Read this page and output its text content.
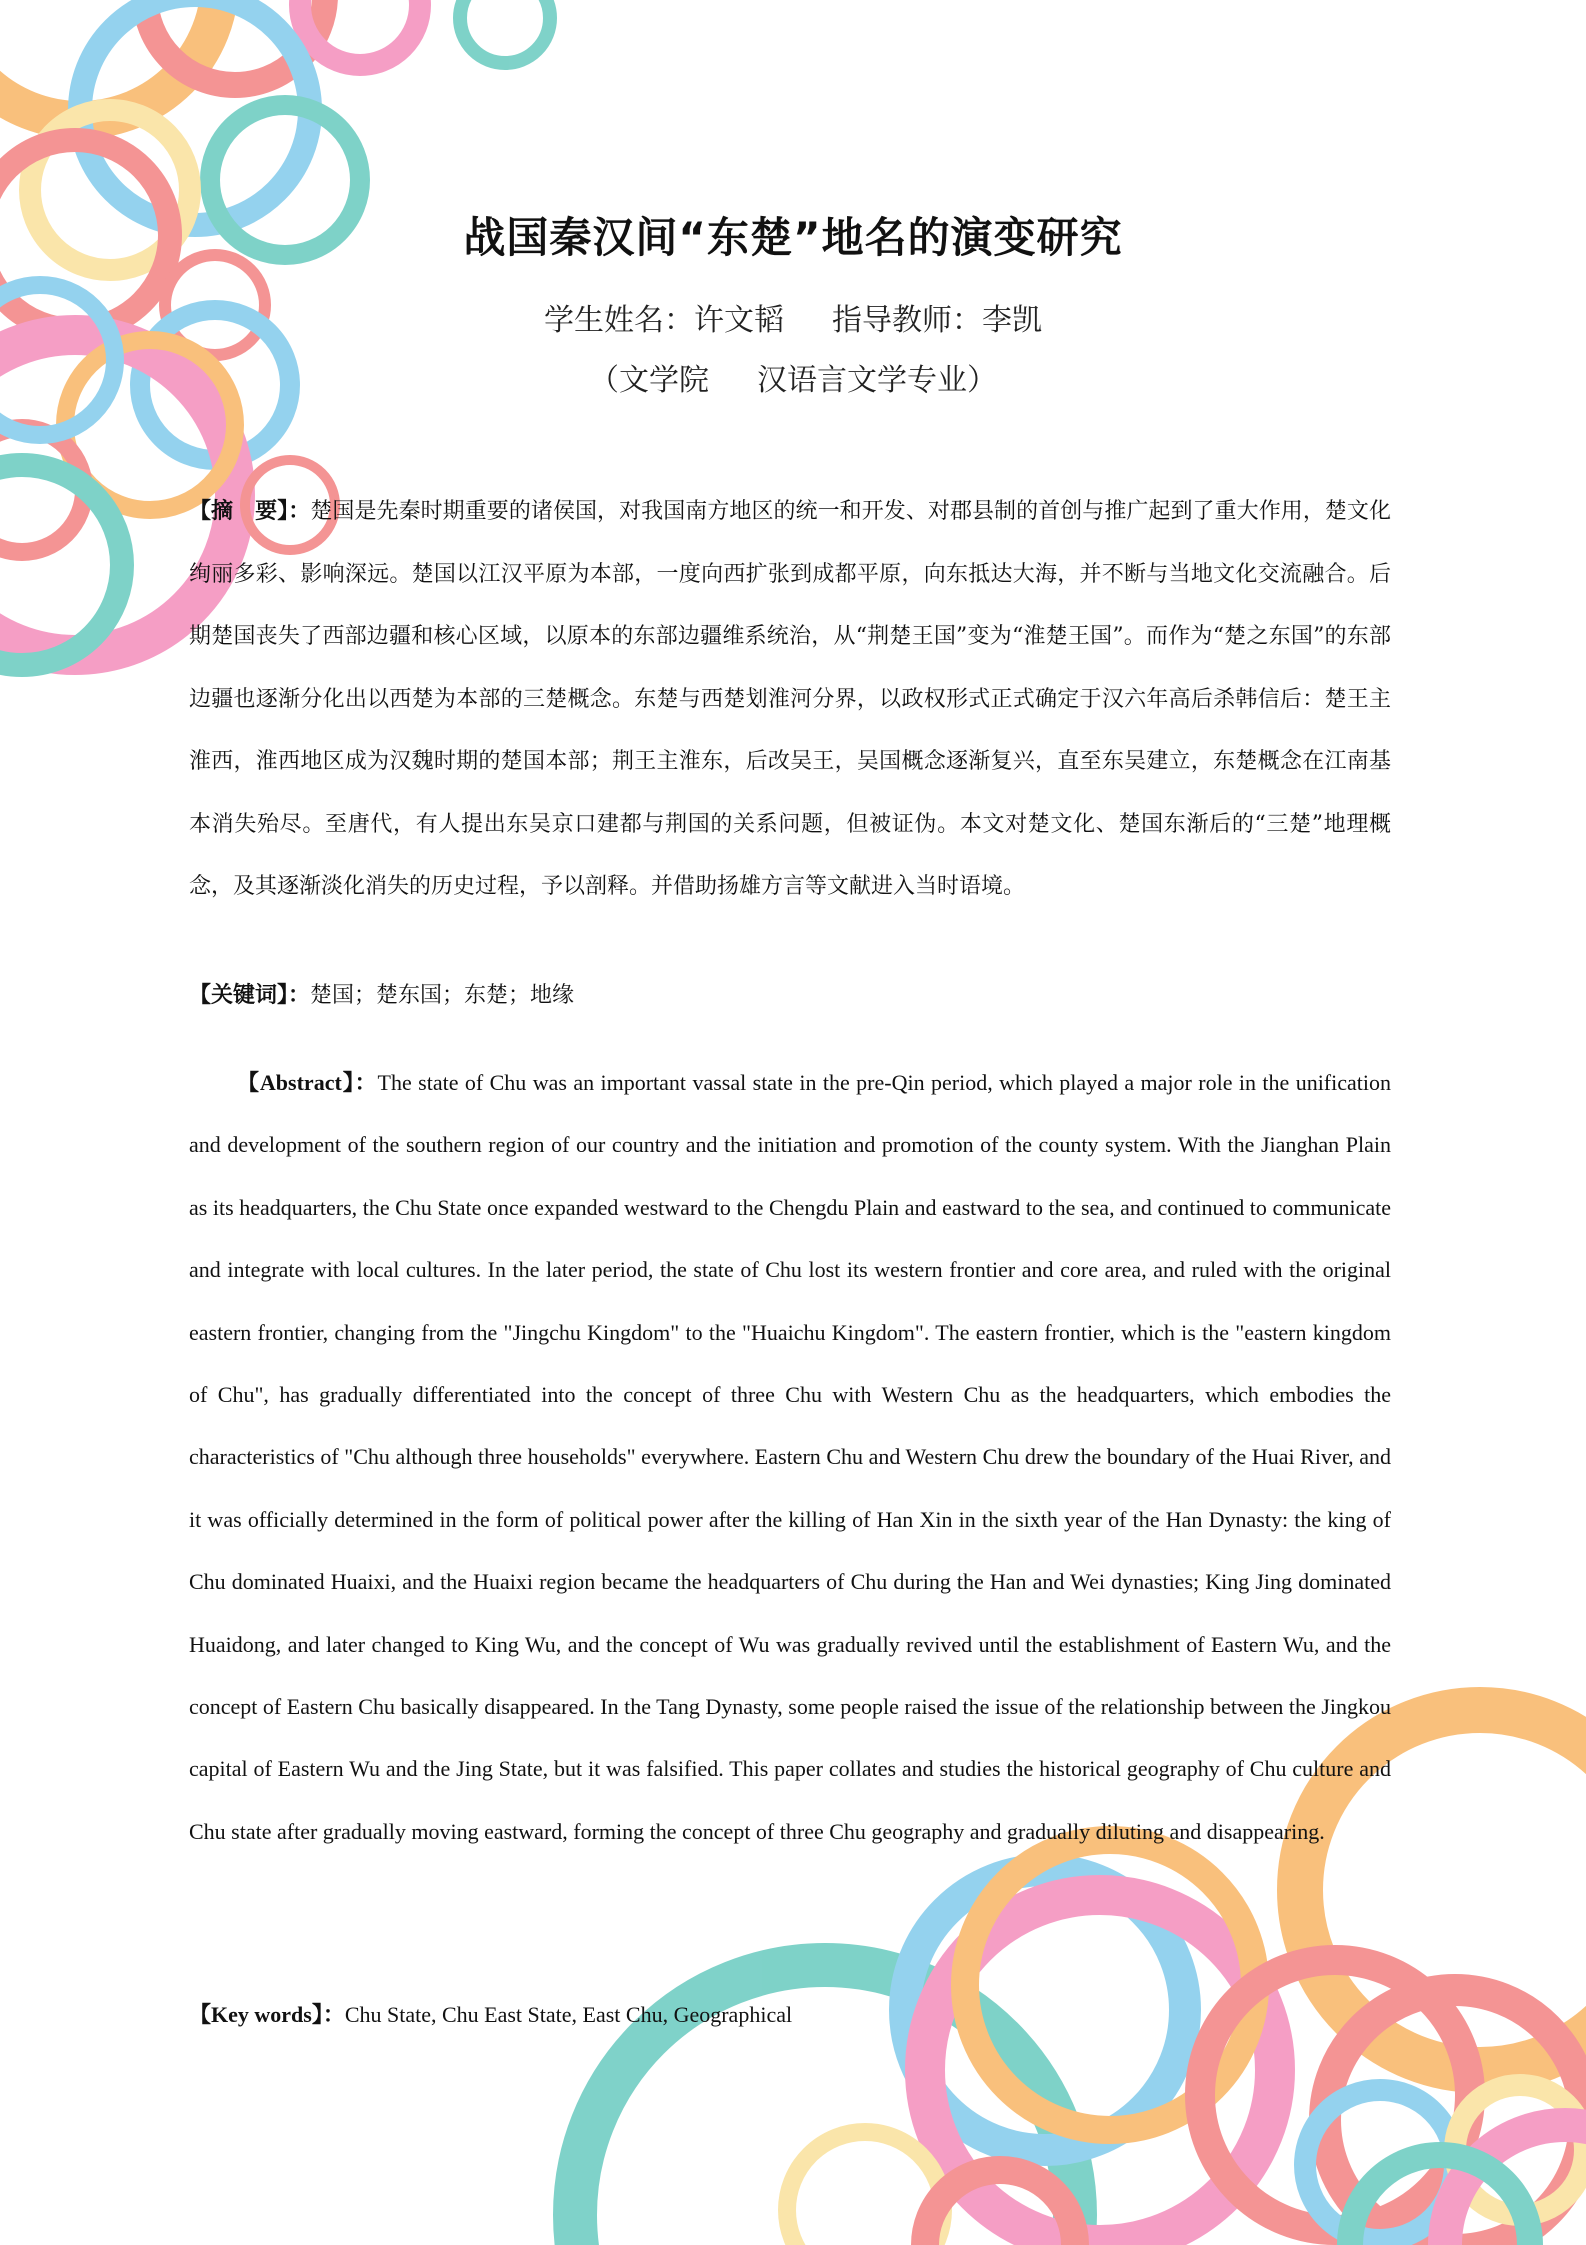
战国秦汉间“东楚”地名的演变研究
学生姓名：许文韬 指导教师：李凯
（文学院 汉语言文学专业）
【摘　要】：楚国是先秦时期重要的诸侯国，对我国南方地区的统一和开发、对郡县制的首创与推广起到了重大作用，楚文化绚丽多彩、影响深远。楚国以江汉平原为本部，一度向西扩张到成都平原，向东抵达大海，并不断与当地文化交流融合。后期楚国丧失了西部边疆和核心区域，以原本的东部边疆维系统治，从“荆楚王国”变为“淮楚王国”。而作为“楚之东国”的东部边疆也逐渐分化出以西楚为本部的三楚概念。东楚与西楚划淮河分界，以政权形式正式确定于汉六年高后杀韩信后：楚王主淮西，淮西地区成为汉魏时期的楚国本部；荆王主淮东，后改吴王，吴国概念逐渐复兴，直至东吴建立，东楚概念在江南基本消失殆尽。至唐代，有人提出东吴京口建都与荆国的关系问题，但被证伪。本文对楚文化、楚国东渐后的“三楚”地理概念，及其逐渐淡化消失的历史过程，予以剖释。并借助扬雄方言等文献进入当时语境。
【关键词】：楚国；楚东国；东楚；地缘
【Abstract】：The state of Chu was an important vassal state in the pre-Qin period, which played a major role in the unification and development of the southern region of our country and the initiation and promotion of the county system. With the Jianghan Plain as its headquarters, the Chu State once expanded westward to the Chengdu Plain and eastward to the sea, and continued to communicate and integrate with local cultures. In the later period, the state of Chu lost its western frontier and core area, and ruled with the original eastern frontier, changing from the "Jingchu Kingdom" to the "Huaichu Kingdom". The eastern frontier, which is the "eastern kingdom of Chu", has gradually differentiated into the concept of three Chu with Western Chu as the headquarters, which embodies the characteristics of "Chu although three households" everywhere. Eastern Chu and Western Chu drew the boundary of the Huai River, and it was officially determined in the form of political power after the killing of Han Xin in the sixth year of the Han Dynasty: the king of Chu dominated Huaixi, and the Huaixi region became the headquarters of Chu during the Han and Wei dynasties; King Jing dominated Huaidong, and later changed to King Wu, and the concept of Wu was gradually revived until the establishment of Eastern Wu, and the concept of Eastern Chu basically disappeared. In the Tang Dynasty, some people raised the issue of the relationship between the Jingkou capital of Eastern Wu and the Jing State, but it was falsified. This paper collates and studies the historical geography of Chu culture and Chu state after gradually moving eastward, forming the concept of three Chu geography and gradually diluting and disappearing.
【Key words】：Chu State, Chu East State, East Chu, Geographical
